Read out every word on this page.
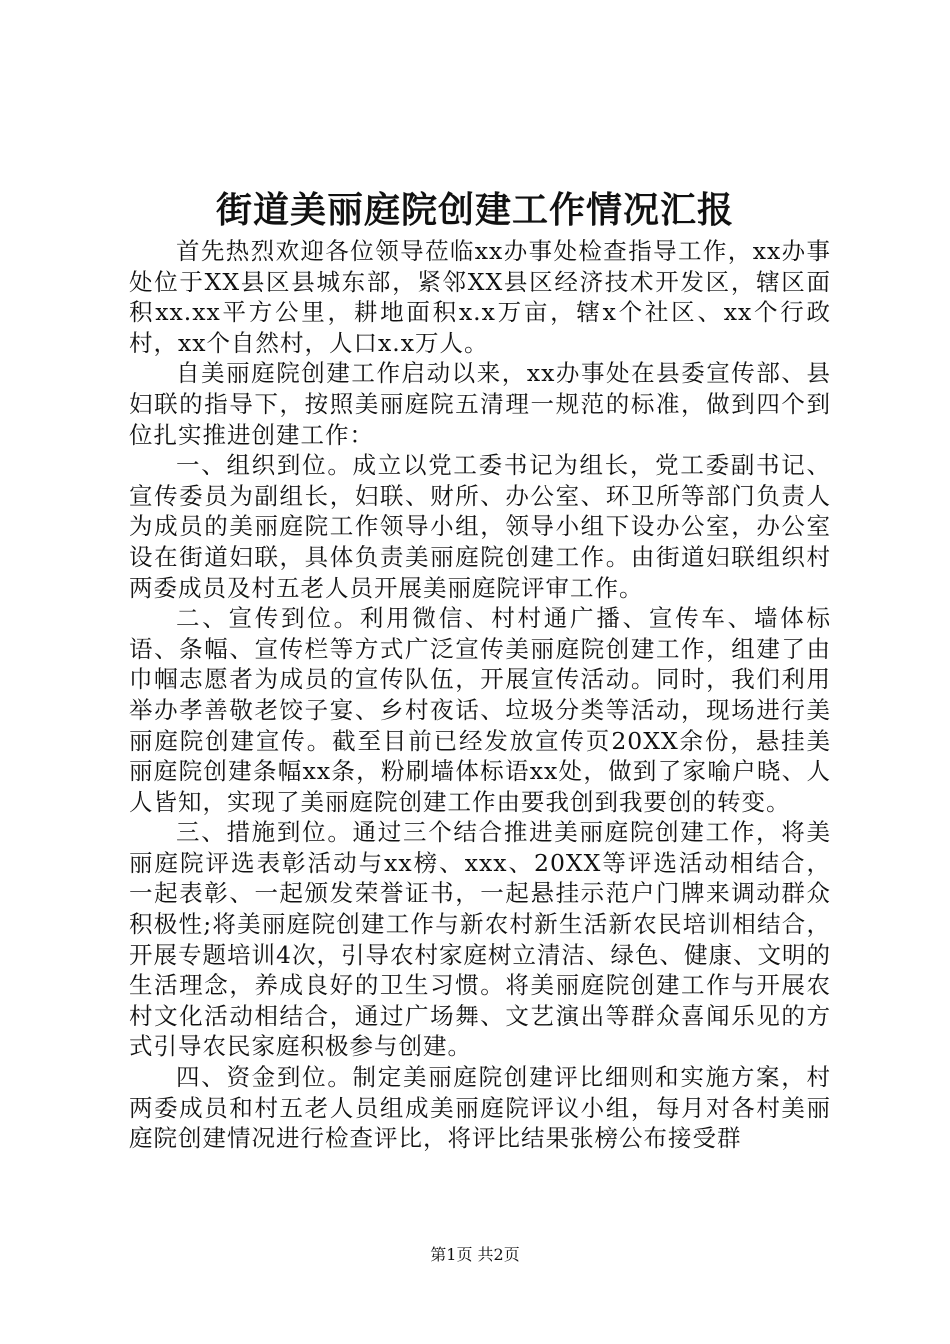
街道美丽庭院创建工作情况汇报

首先热烈欢迎各位领导莅临xx办事处检查指导工作，xx办事处位于XX县区县城东部，紧邻XX县区经济技术开发区，辖区面积xx.xx平方公里，耕地面积x.x万亩，辖x个社区、xx个行政村，xx个自然村，人口x.x万人。

自美丽庭院创建工作启动以来，xx办事处在县委宣传部、县妇联的指导下，按照美丽庭院五清理一规范的标准，做到四个到位扎实推进创建工作：

一、组织到位。成立以党工委书记为组长，党工委副书记、宣传委员为副组长，妇联、财所、办公室、环卫所等部门负责人为成员的美丽庭院工作领导小组，领导小组下设办公室，办公室设在街道妇联，具体负责美丽庭院创建工作。由街道妇联组织村两委成员及村五老人员开展美丽庭院评审工作。

二、宣传到位。利用微信、村村通广播、宣传车、墙体标语、条幅、宣传栏等方式广泛宣传美丽庭院创建工作，组建了由巾帼志愿者为成员的宣传队伍，开展宣传活动。同时，我们利用举办孝善敬老饺子宴、乡村夜话、垃圾分类等活动，现场进行美丽庭院创建宣传。截至目前已经发放宣传页20XX余份，悬挂美丽庭院创建条幅xx条，粉刷墙体标语xx处，做到了家喻户晓、人人皆知，实现了美丽庭院创建工作由要我创到我要创的转变。

三、措施到位。通过三个结合推进美丽庭院创建工作，将美丽庭院评选表彰活动与xx榜、xxx、20XX等评选活动相结合，一起表彰、一起颁发荣誉证书，一起悬挂示范户门牌来调动群众积极性;将美丽庭院创建工作与新农村新生活新农民培训相结合，开展专题培训4次，引导农村家庭树立清洁、绿色、健康、文明的生活理念，养成良好的卫生习惯。将美丽庭院创建工作与开展农村文化活动相结合，通过广场舞、文艺演出等群众喜闻乐见的方式引导农民家庭积极参与创建。

四、资金到位。制定美丽庭院创建评比细则和实施方案，村两委成员和村五老人员组成美丽庭院评议小组，每月对各村美丽庭院创建情况进行检查评比，将评比结果张榜公布接受群

第1页 共2页
